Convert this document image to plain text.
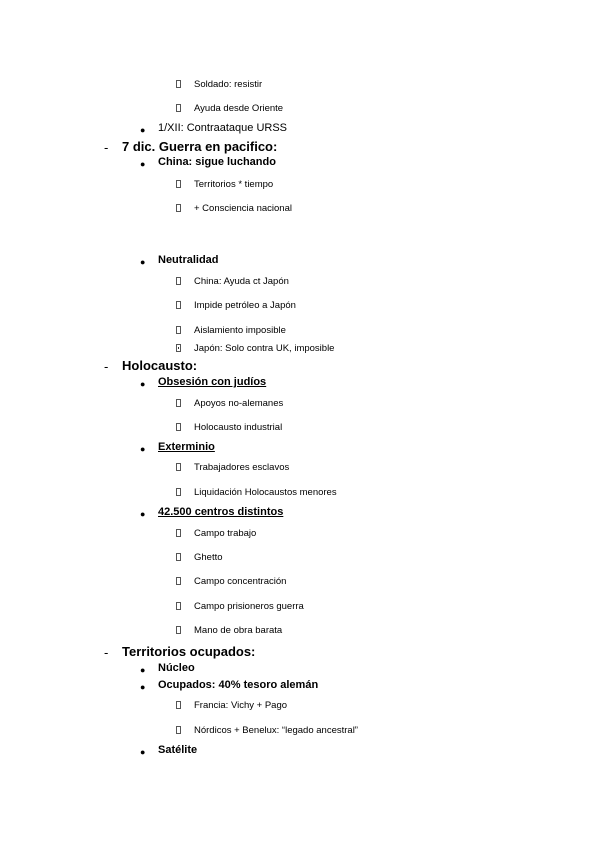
Soldado: resistir
Ayuda desde Oriente
● 1/XII: Contraataque URSS
- 7 dic. Guerra en pacifico:
● China: sigue luchando
Territorios * tiempo
+ Consciencia nacional
● Neutralidad
China: Ayuda ct Japón
Impide petróleo a Japón
Aislamiento imposible
Japón: Solo contra UK, imposible
- Holocausto:
● Obsesión con judíos
Apoyos no-alemanes
Holocausto industrial
● Exterminio
Trabajadores esclavos
Liquidación Holocaustos menores
● 42.500 centros distintos
Campo trabajo
Ghetto
Campo concentración
Campo prisioneros guerra
Mano de obra barata
- Territorios ocupados:
● Núcleo
● Ocupados: 40% tesoro alemán
Francia: Vichy + Pago
Nórdicos + Benelux: “legado ancestral”
● Satélite
